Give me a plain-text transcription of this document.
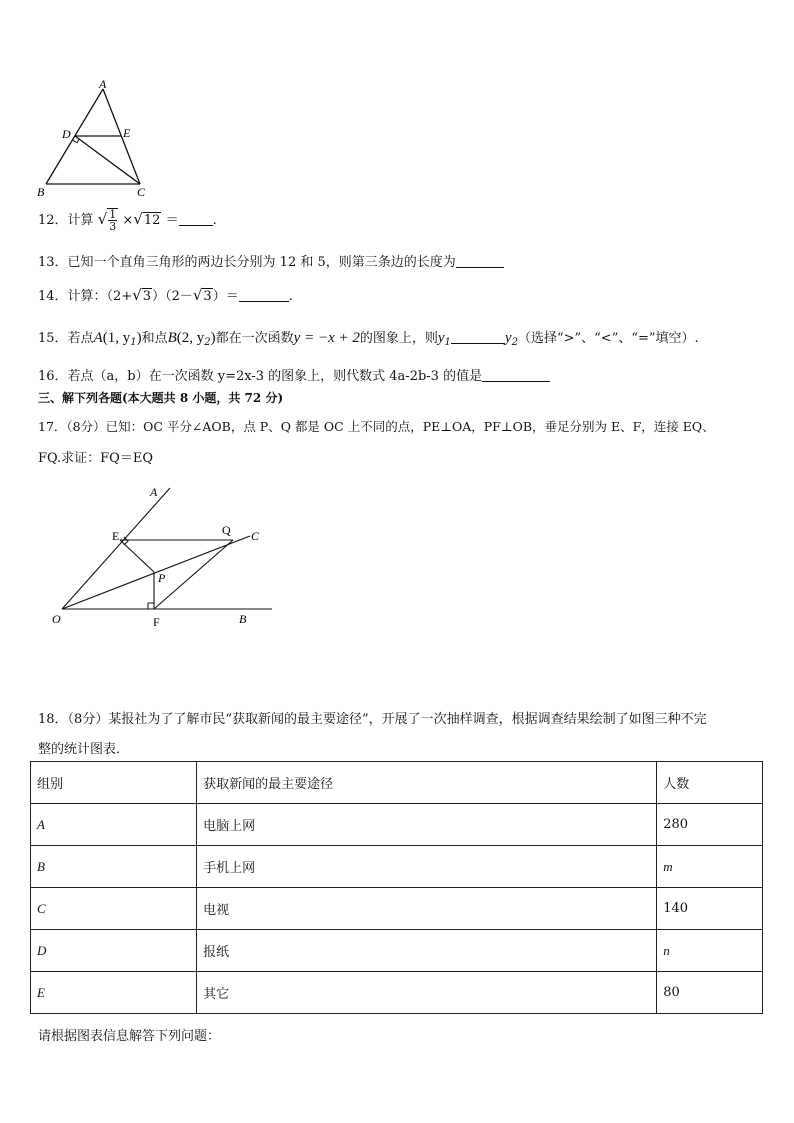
A
D	E
B	C
12．计算 √ $\frac{1}{3} \times√12$ ＝	.
13．已知一个直角三角形的两边长分别为 12 和 5，则第三条边的长度为
14．计算：（2+√3）（2－√3）＝	.
15．若点A(1, $y_1$)和点B(2, $y_2$)都在一次函数y = −x + 2的图象上，则$y_1$	$y_2$（选择“>”、“<”、“=”填空）.
16．若点（a，b）在一次函数 y=2x-3 的图象上，则代数式 4a-2b-3 的值是
三、解下列各题(本大题共 8 小题，共 72 分)
17．（8分）已知：OC 平分∠AOB，点 P、Q 都是 OC 上不同的点，PE⊥OA，PF⊥OB，垂足分别为 E、F，连接 EQ、
FQ.求证：FQ＝EQ
A
E	Q C
P
O	F	B
18．（8分）某报社为了了解市民“获取新闻的最主要途径”，开展了一次抽样调查，根据调查结果绘制了如图三种不完
整的统计图表．
组别	获取新闻的最主要途径	人数
A	电脑上网	280
B	手机上网	m
C	电视	140
D	报纸	n
E	其它	80
请根据图表信息解答下列问题：
